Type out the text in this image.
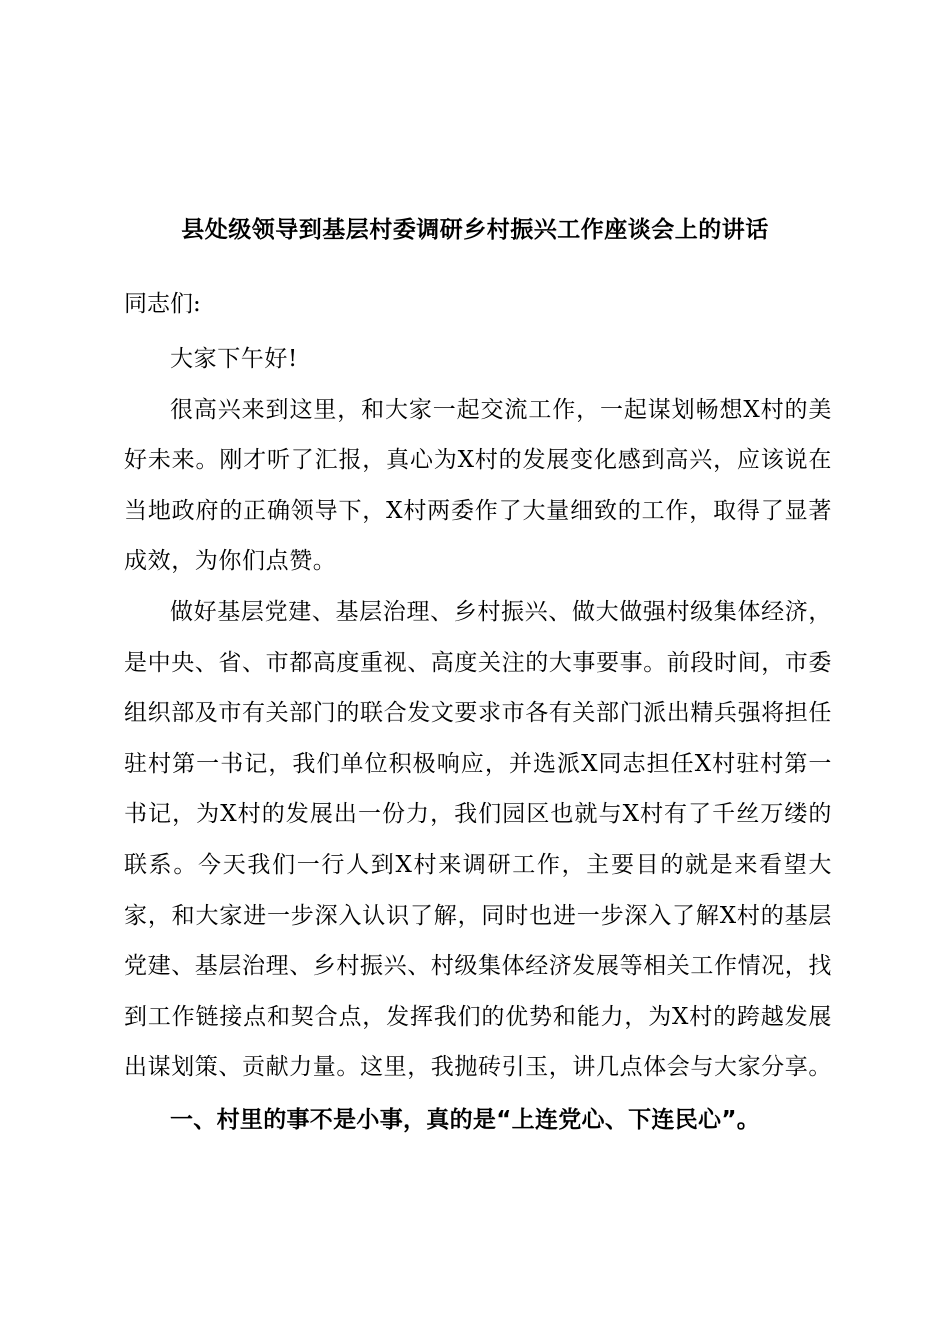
县处级领导到基层村委调研乡村振兴工作座谈会上的讲话

同志们:

大家下午好!

很高兴来到这里，和大家一起交流工作，一起谋划畅想X村的美好未来。刚才听了汇报，真心为X村的发展变化感到高兴，应该说在当地政府的正确领导下，X村两委作了大量细致的工作，取得了显著成效，为你们点赞。

做好基层党建、基层治理、乡村振兴、做大做强村级集体经济，是中央、省、市都高度重视、高度关注的大事要事。前段时间，市委组织部及市有关部门的联合发文要求市各有关部门派出精兵强将担任驻村第一书记，我们单位积极响应，并选派X同志担任X村驻村第一书记，为X村的发展出一份力，我们园区也就与X村有了千丝万缕的联系。今天我们一行人到X村来调研工作，主要目的就是来看望大家，和大家进一步深入认识了解，同时也进一步深入了解X村的基层党建、基层治理、乡村振兴、村级集体经济发展等相关工作情况，找到工作链接点和契合点，发挥我们的优势和能力，为X村的跨越发展出谋划策、贡献力量。这里，我抛砖引玉，讲几点体会与大家分享。

一、村里的事不是小事，真的是“上连党心、下连民心”。
